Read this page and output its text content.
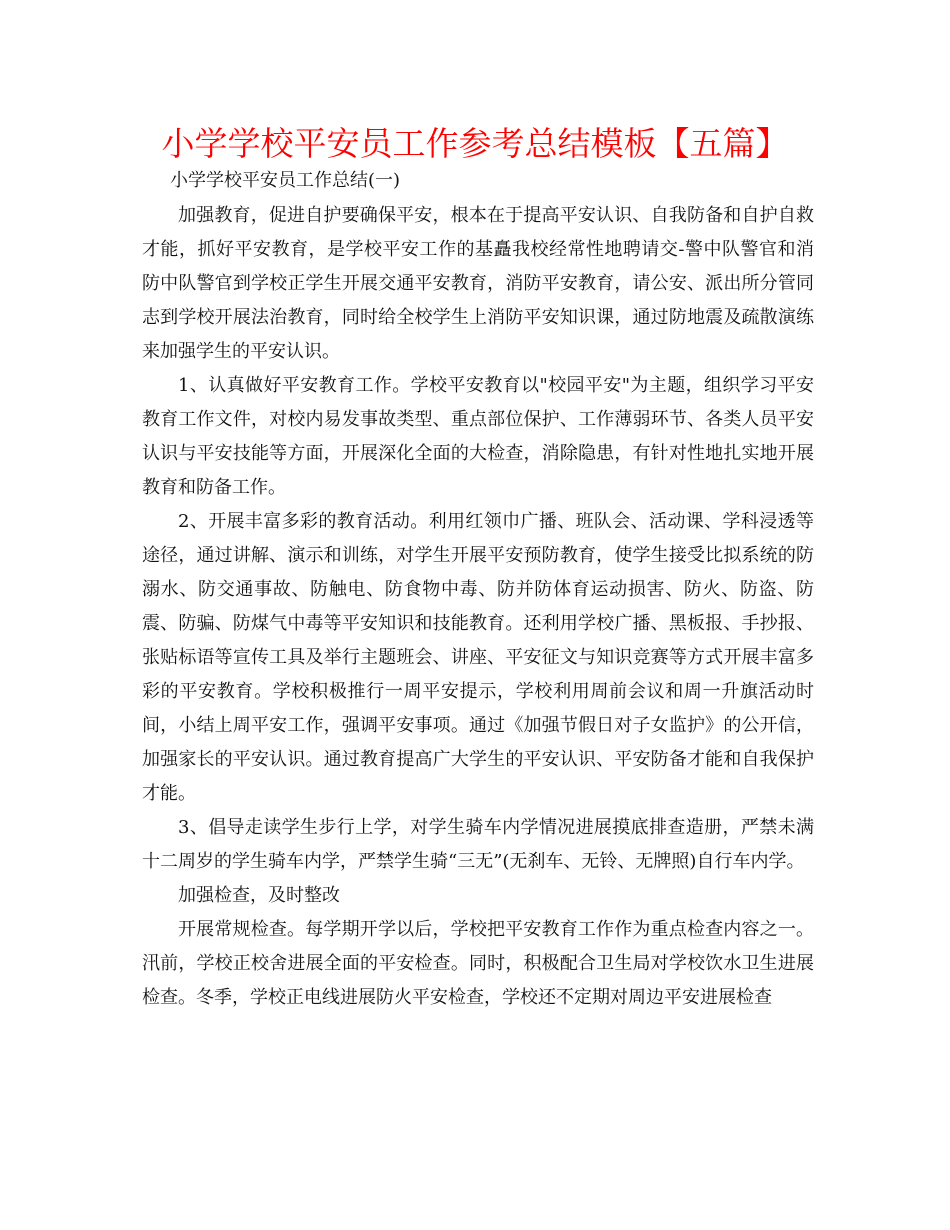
小学学校平安员工作参考总结模板【五篇】

小学学校平安员工作总结(一)

加强教育，促进自护要确保平安，根本在于提高平安认识、自我防备和自护自救才能，抓好平安教育，是学校平安工作的基矗我校经常性地聘请交-警中队警官和消防中队警官到学校正学生开展交通平安教育，消防平安教育，请公安、派出所分管同志到学校开展法治教育，同时给全校学生上消防平安知识课，通过防地震及疏散演练来加强学生的平安认识。

1、认真做好平安教育工作。学校平安教育以"校园平安"为主题，组织学习平安教育工作文件，对校内易发事故类型、重点部位保护、工作薄弱环节、各类人员平安认识与平安技能等方面，开展深化全面的大检查，消除隐患，有针对性地扎实地开展教育和防备工作。

2、开展丰富多彩的教育活动。利用红领巾广播、班队会、活动课、学科浸透等途径，通过讲解、演示和训练，对学生开展平安预防教育，使学生接受比拟系统的防溺水、防交通事故、防触电、防食物中毒、防并防体育运动损害、防火、防盗、防震、防骗、防煤气中毒等平安知识和技能教育。还利用学校广播、黑板报、手抄报、张贴标语等宣传工具及举行主题班会、讲座、平安征文与知识竞赛等方式开展丰富多彩的平安教育。学校积极推行一周平安提示，学校利用周前会议和周一升旗活动时间，小结上周平安工作，强调平安事项。通过《加强节假日对子女监护》的公开信，加强家长的平安认识。通过教育提高广大学生的平安认识、平安防备才能和自我保护才能。

3、倡导走读学生步行上学，对学生骑车内学情况进展摸底排查造册，严禁未满十二周岁的学生骑车内学，严禁学生骑“三无”(无刹车、无铃、无牌照)自行车内学。

加强检查，及时整改

开展常规检查。每学期开学以后，学校把平安教育工作作为重点检查内容之一。汛前，学校正校舍进展全面的平安检查。同时，积极配合卫生局对学校饮水卫生进展检查。冬季，学校正电线进展防火平安检查，学校还不定期对周边平安进展检查
